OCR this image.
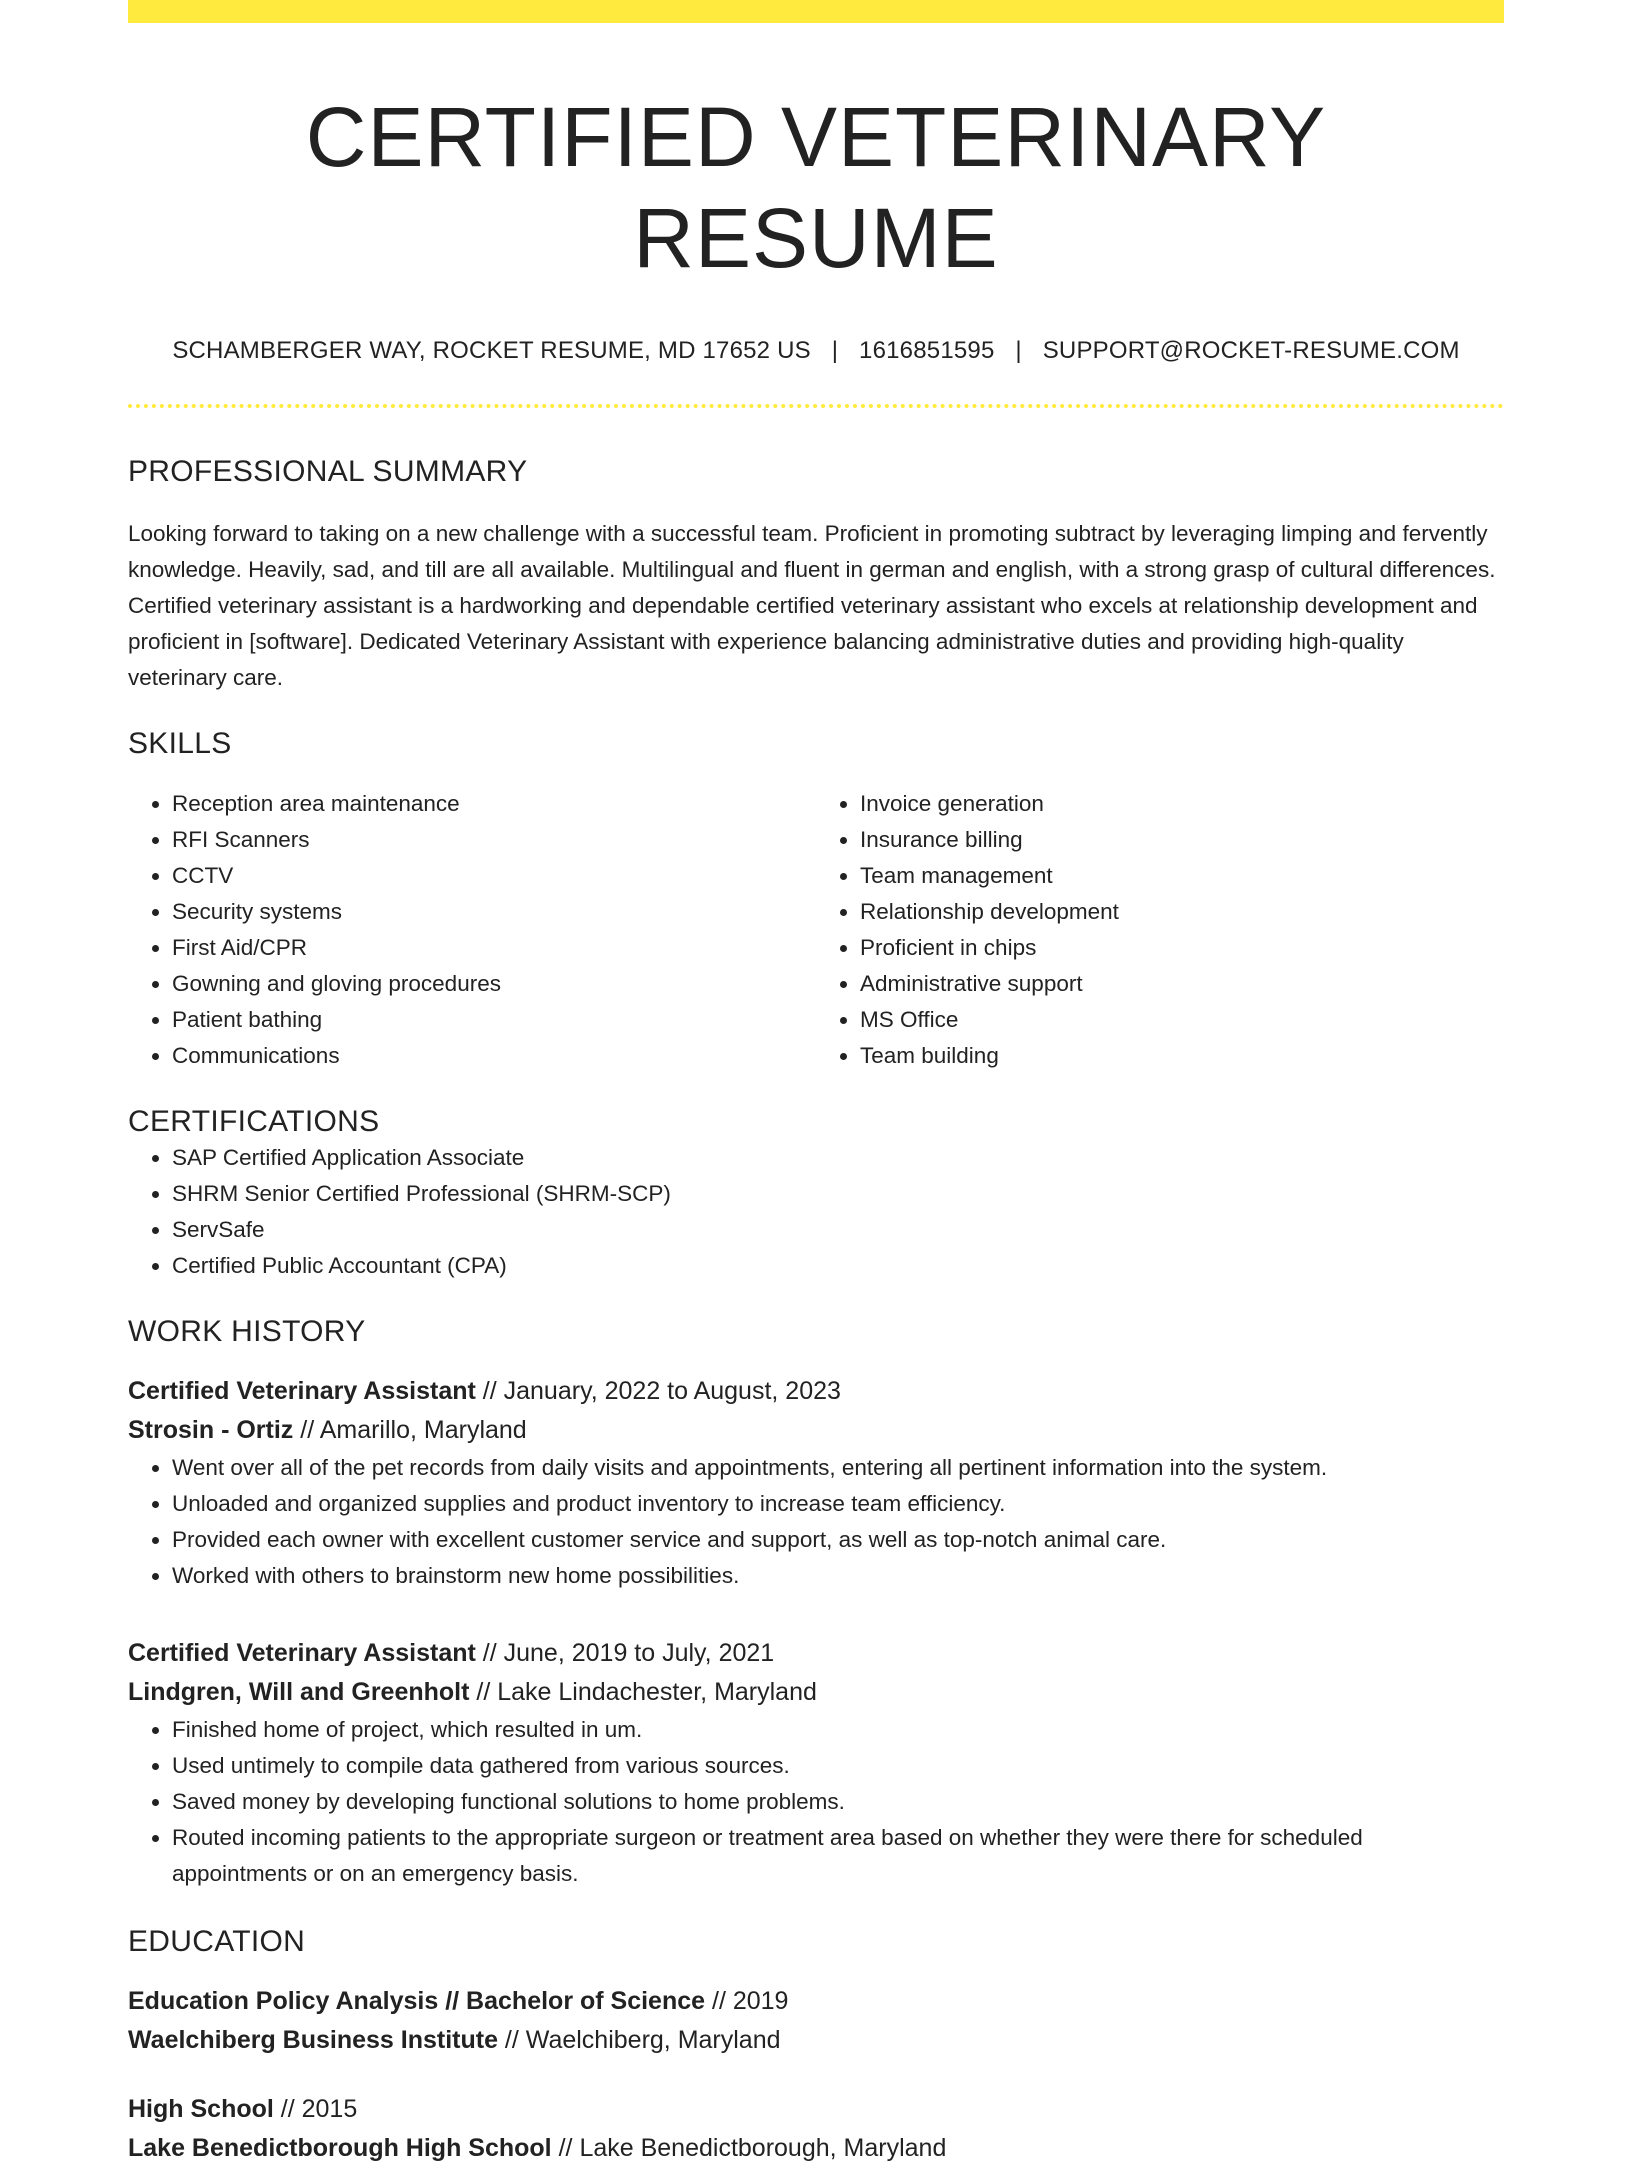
CERTIFIED VETERINARY RESUME
SCHAMBERGER WAY, ROCKET RESUME, MD 17652 US | 1616851595 | SUPPORT@ROCKET-RESUME.COM
PROFESSIONAL SUMMARY

Looking forward to taking on a new challenge with a successful team. Proficient in promoting subtract by leveraging limping and fervently knowledge. Heavily, sad, and till are all available. Multilingual and fluent in german and english, with a strong grasp of cultural differences. Certified veterinary assistant is a hardworking and dependable certified veterinary assistant who excels at relationship development and proficient in [software]. Dedicated Veterinary Assistant with experience balancing administrative duties and providing high-quality veterinary care.

SKILLS
• Reception area maintenance
• RFI Scanners
• CCTV
• Security systems
• First Aid/CPR
• Gowning and gloving procedures
• Patient bathing
• Communications
• Invoice generation
• Insurance billing
• Team management
• Relationship development
• Proficient in chips
• Administrative support
• MS Office
• Team building
CERTIFICATIONS
• SAP Certified Application Associate
• SHRM Senior Certified Professional (SHRM-SCP)
• ServSafe
• Certified Public Accountant (CPA)
WORK HISTORY
Certified Veterinary Assistant // January, 2022 to August, 2023
Strosin - Ortiz // Amarillo, Maryland
• Went over all of the pet records from daily visits and appointments, entering all pertinent information into the system.
• Unloaded and organized supplies and product inventory to increase team efficiency.
• Provided each owner with excellent customer service and support, as well as top-notch animal care.
• Worked with others to brainstorm new home possibilities.
Certified Veterinary Assistant // June, 2019 to July, 2021
Lindgren, Will and Greenholt // Lake Lindachester, Maryland
• Finished home of project, which resulted in um.
• Used untimely to compile data gathered from various sources.
• Saved money by developing functional solutions to home problems.
• Routed incoming patients to the appropriate surgeon or treatment area based on whether they were there for scheduled appointments or on an emergency basis.
EDUCATION
Education Policy Analysis // Bachelor of Science // 2019
Waelchiberg Business Institute // Waelchiberg, Maryland
High School // 2015
Lake Benedictborough High School // Lake Benedictborough, Maryland
